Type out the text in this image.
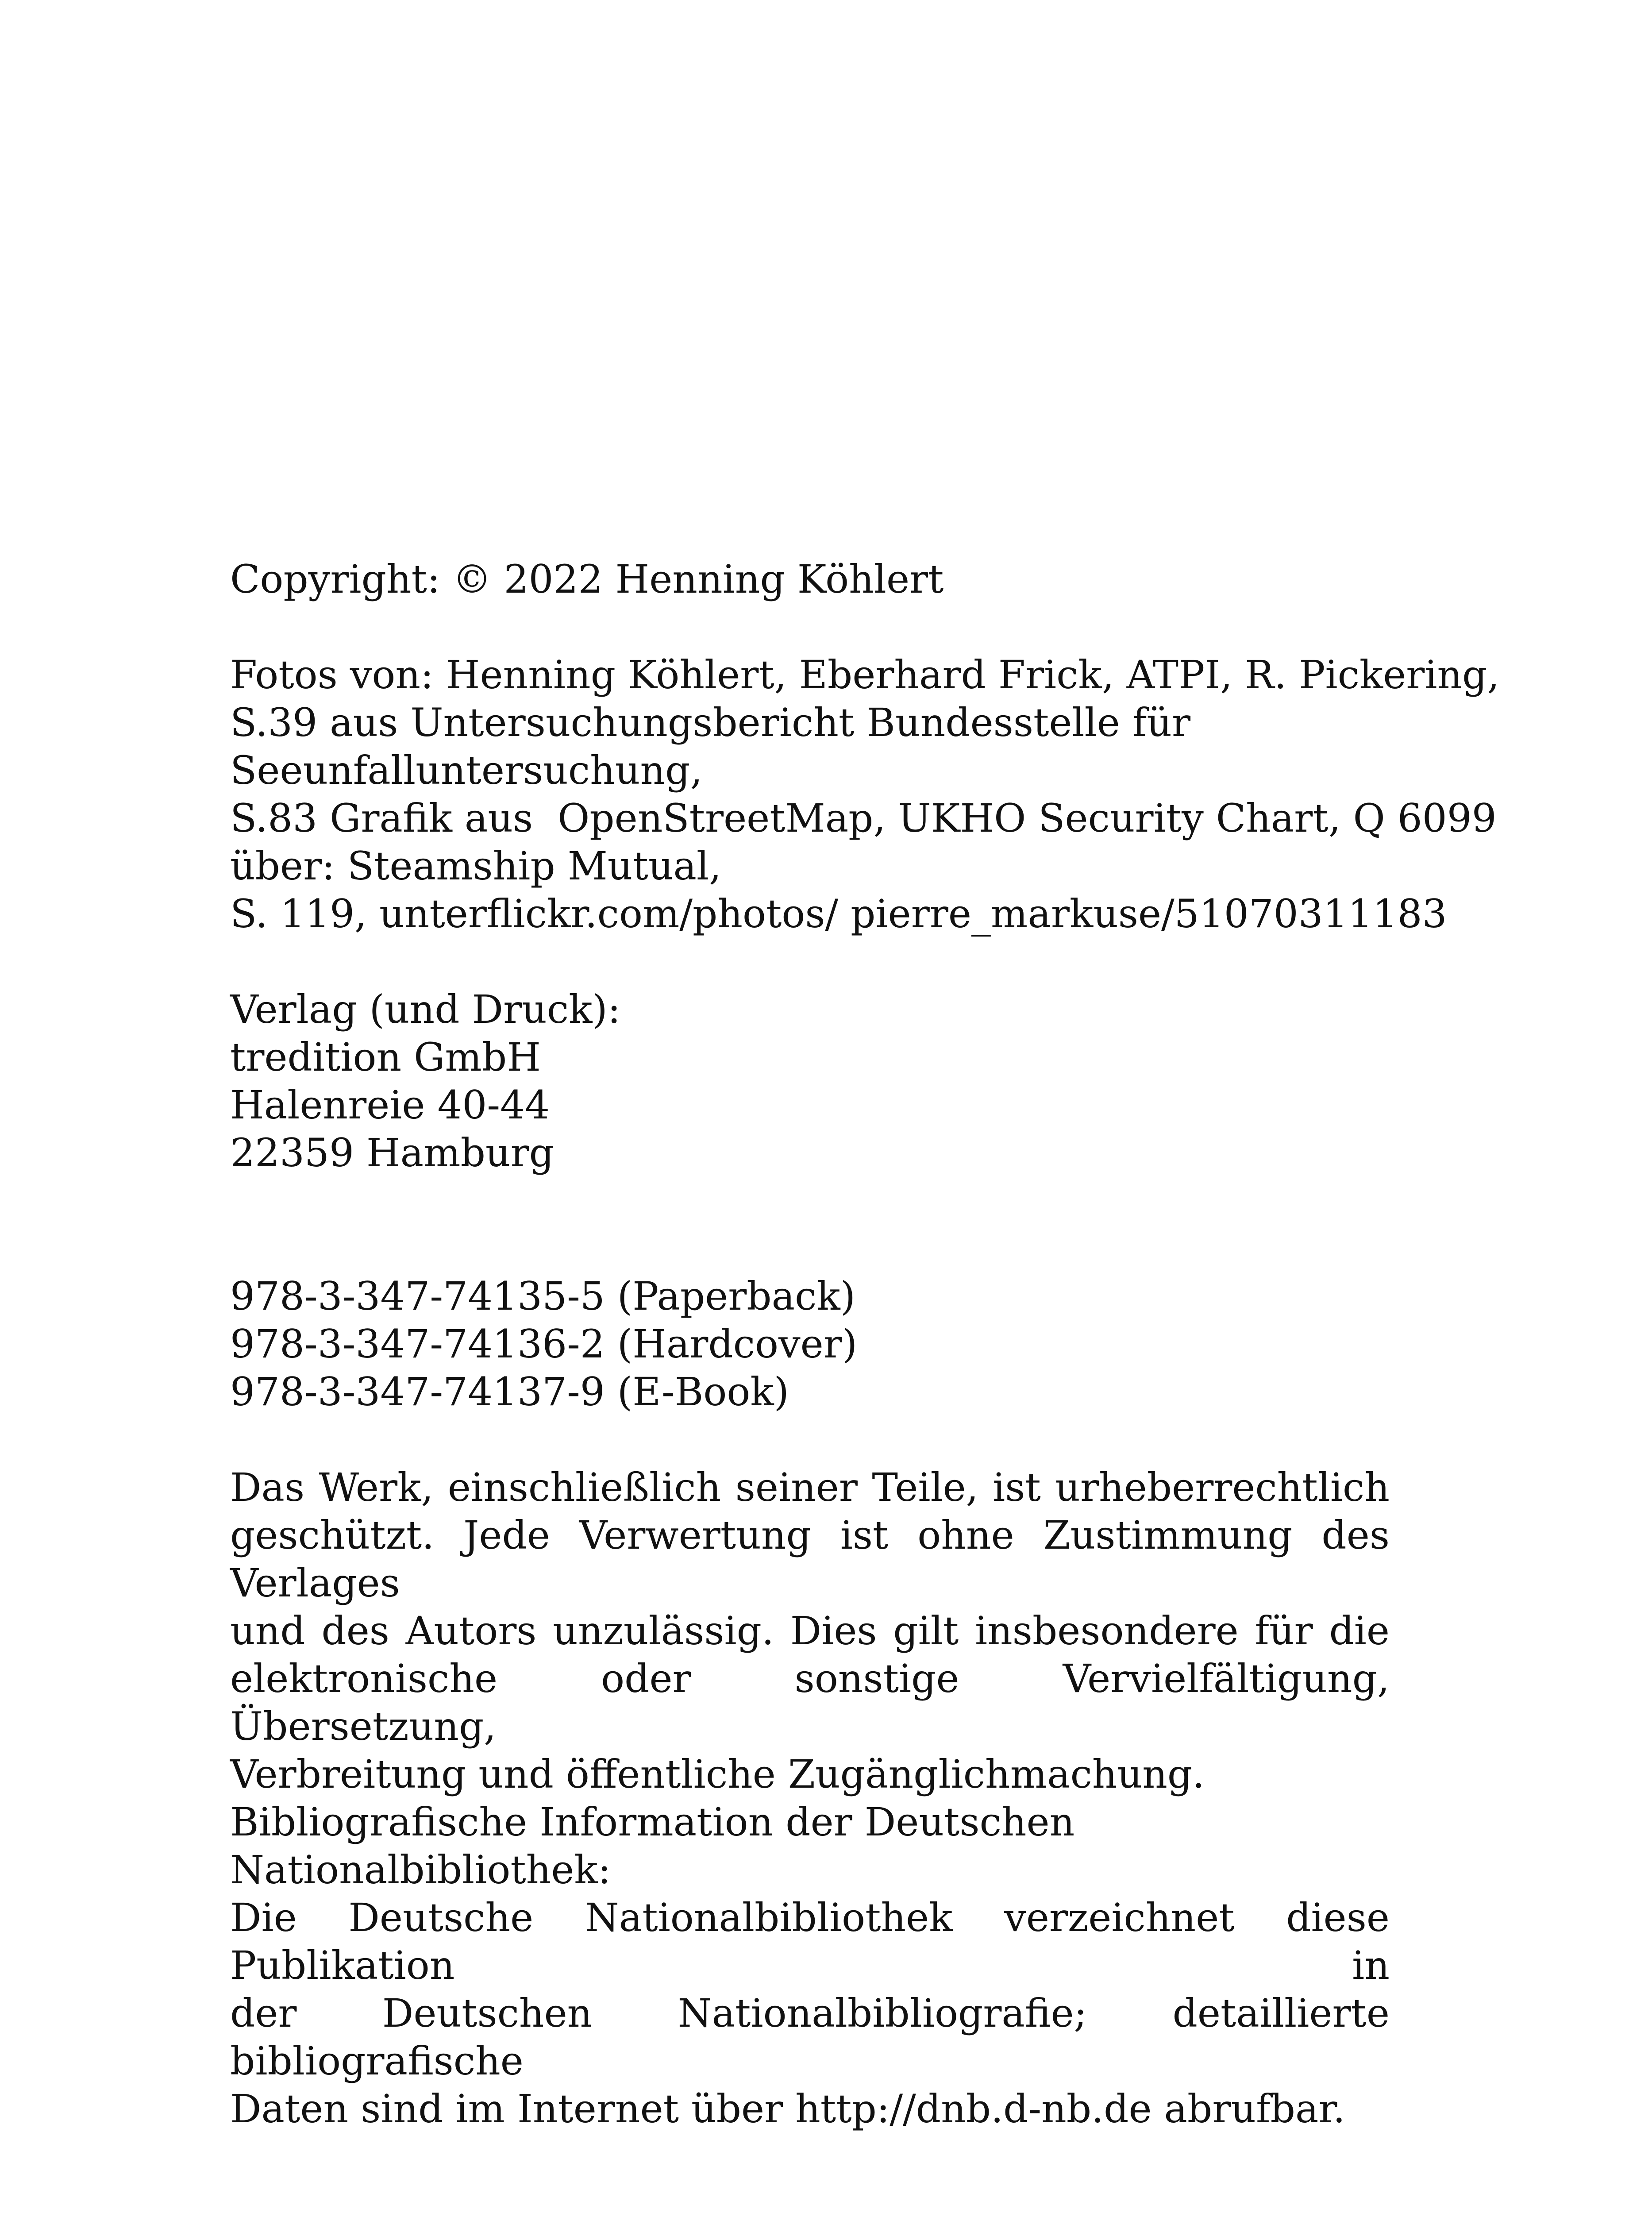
Copyright: © 2022 Henning Köhlert
Fotos von: Henning Köhlert, Eberhard Frick, ATPI, R. Pickering,
S.39 aus Untersuchungsbericht Bundesstelle für
Seeunfalluntersuchung,
S.83 Grafik aus  OpenStreetMap, UKHO Security Chart, Q 6099
über: Steamship Mutual,
S. 119, unterflickr.com/photos/ pierre_markuse/51070311183
Verlag (und Druck):
tredition GmbH
Halenreie 40-44
22359 Hamburg
978-3-347-74135-5 (Paperback)
978-3-347-74136-2 (Hardcover)
978-3-347-74137-9 (E-Book)
Das Werk, einschließlich seiner Teile, ist urheberrechtlich
geschützt. Jede Verwertung ist ohne Zustimmung des Verlages
und des Autors unzulässig. Dies gilt insbesondere für die
elektronische oder sonstige Vervielfältigung, Übersetzung,
Verbreitung und öffentliche Zugänglichmachung.
Bibliografische Information der Deutschen Nationalbibliothek:
Die Deutsche Nationalbibliothek verzeichnet diese Publikation in
der Deutschen Nationalbibliografie; detaillierte bibliografische
Daten sind im Internet über http://dnb.d-nb.de abrufbar.
